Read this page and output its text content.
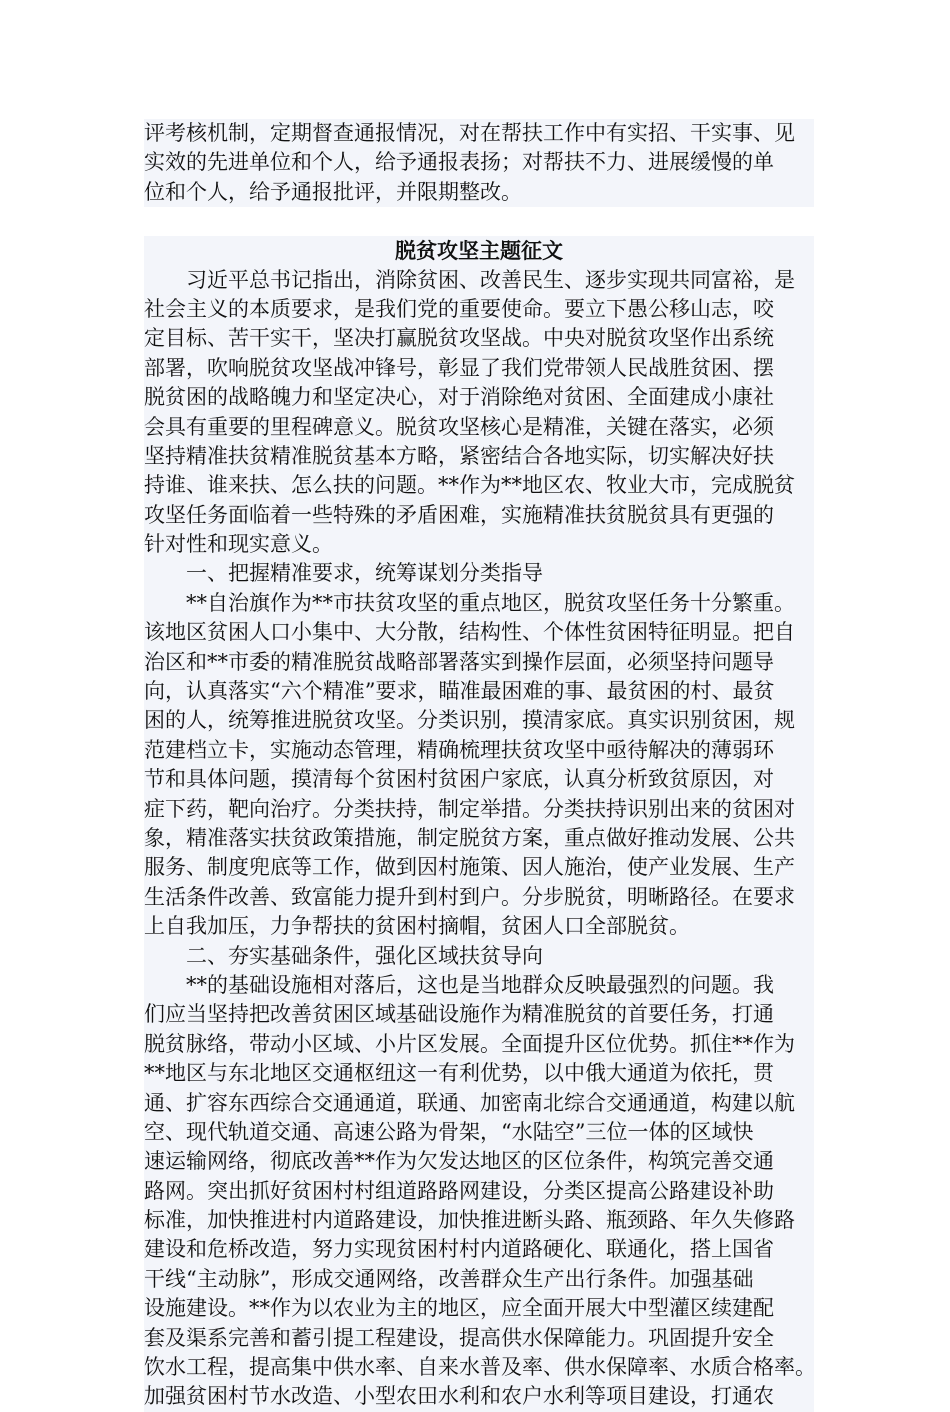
评考核机制，定期督查通报情况，对在帮扶工作中有实招、干实事、见
实效的先进单位和个人，给予通报表扬；对帮扶不力、进展缓慢的单
位和个人，给予通报批评，并限期整改。
脱贫攻坚主题征文
　　习近平总书记指出，消除贫困、改善民生、逐步实现共同富裕，是
社会主义的本质要求，是我们党的重要使命。要立下愚公移山志，咬
定目标、苦干实干，坚决打赢脱贫攻坚战。中央对脱贫攻坚作出系统
部署，吹响脱贫攻坚战冲锋号，彰显了我们党带领人民战胜贫困、摆
脱贫困的战略魄力和坚定决心，对于消除绝对贫困、全面建成小康社
会具有重要的里程碑意义。脱贫攻坚核心是精准，关键在落实，必须
坚持精准扶贫精准脱贫基本方略，紧密结合各地实际，切实解决好扶
持谁、谁来扶、怎么扶的问题。**作为**地区农、牧业大市，完成脱贫
攻坚任务面临着一些特殊的矛盾困难，实施精准扶贫脱贫具有更强的
针对性和现实意义。
　　一、把握精准要求，统筹谋划分类指导
　　**自治旗作为**市扶贫攻坚的重点地区，脱贫攻坚任务十分繁重。
该地区贫困人口小集中、大分散，结构性、个体性贫困特征明显。把自
治区和**市委的精准脱贫战略部署落实到操作层面，必须坚持问题导
向，认真落实“六个精准”要求，瞄准最困难的事、最贫困的村、最贫
困的人，统筹推进脱贫攻坚。分类识别，摸清家底。真实识别贫困，规
范建档立卡，实施动态管理，精确梳理扶贫攻坚中亟待解决的薄弱环
节和具体问题，摸清每个贫困村贫困户家底，认真分析致贫原因，对
症下药，靶向治疗。分类扶持，制定举措。分类扶持识别出来的贫困对
象，精准落实扶贫政策措施，制定脱贫方案，重点做好推动发展、公共
服务、制度兜底等工作，做到因村施策、因人施治，使产业发展、生产
生活条件改善、致富能力提升到村到户。分步脱贫，明晰路径。在要求
上自我加压，力争帮扶的贫困村摘帽，贫困人口全部脱贫。
　　二、夯实基础条件，强化区域扶贫导向
　　**的基础设施相对落后，这也是当地群众反映最强烈的问题。我
们应当坚持把改善贫困区域基础设施作为精准脱贫的首要任务，打通
脱贫脉络，带动小区域、小片区发展。全面提升区位优势。抓住**作为
**地区与东北地区交通枢纽这一有利优势，以中俄大通道为依托，贯
通、扩容东西综合交通通道，联通、加密南北综合交通通道，构建以航
空、现代轨道交通、高速公路为骨架，“水陆空”三位一体的区域快
速运输网络，彻底改善**作为欠发达地区的区位条件，构筑完善交通
路网。突出抓好贫困村村组道路路网建设，分类区提高公路建设补助
标准，加快推进村内道路建设，加快推进断头路、瓶颈路、年久失修路
建设和危桥改造，努力实现贫困村村内道路硬化、联通化，搭上国省
干线“主动脉”，形成交通网络，改善群众生产出行条件。加强基础
设施建设。**作为以农业为主的地区，应全面开展大中型灌区续建配
套及渠系完善和蓄引提工程建设，提高供水保障能力。巩固提升安全
饮水工程，提高集中供水率、自来水普及率、供水保障率、水质合格率。
加强贫困村节水改造、小型农田水利和农户水利等项目建设，打通农
